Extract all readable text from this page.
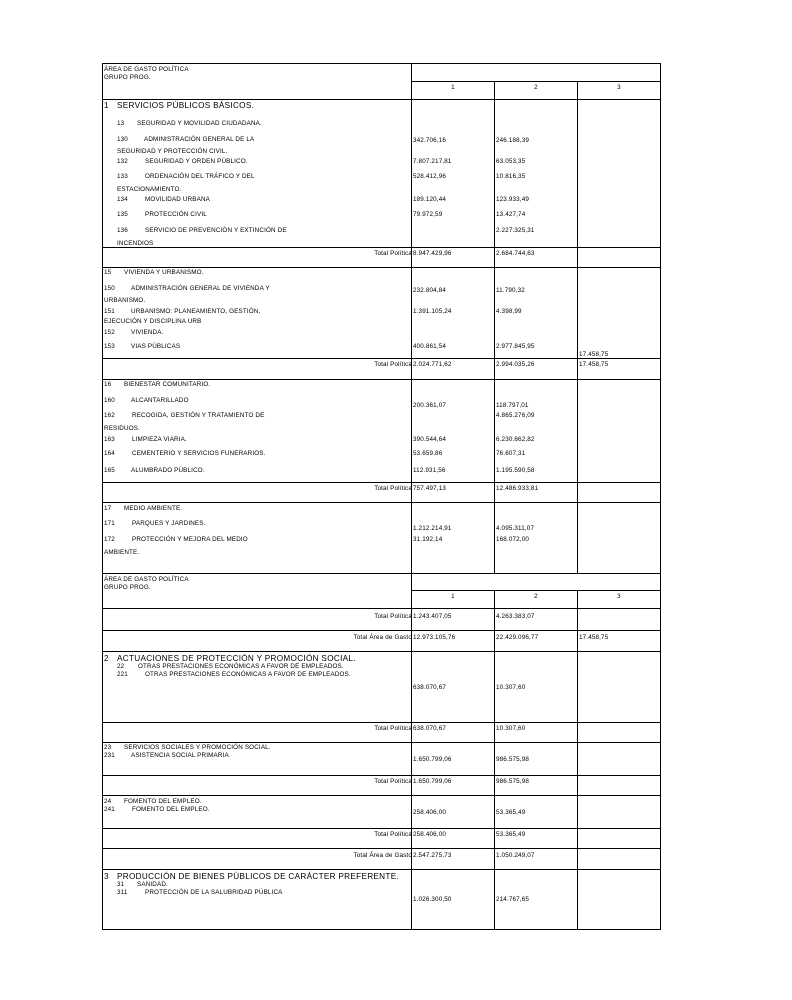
ÁREA DE GASTO POLÍTICA
GRUPO PROG.
1	2	3
1 SERVICIOS PÚBLICOS BÁSICOS.
13 SEGURIDAD Y MOVILIDAD CIUDADANA.
130	ADMINISTRACIÓN GENERAL DE LA
SEGURIDAD Y PROTECCIÓN CIVIL.
342.706,16	246.188,39
132	SEGURIDAD Y ORDEN PÚBLICO.	7.807.217,81	63.053,35
133	ORDENACIÓN DEL TRÁFICO Y DEL
ESTACIONAMIENTO.
528.412,96	10.816,35
134	MOVILIDAD URBANA	189.120,44	123.933,49
135	PROTECCIÓN CIVIL	79.972,59	13.427,74
136	SERVICIO DE PREVENCIÓN Y EXTINCIÓN DE
INCENDIOS
2.227.325,31
Total Política 8.947.429,96	2.684.744,63
15 VIVIENDA Y URBANISMO.
150	ADMINISTRACIÓN GENERAL DE VIVIENDA Y
URBANISMO.
232.804,84	11.790,32
151	URBANISMO: PLANEAMIENTO, GESTIÓN,
EJECUCIÓN Y DISCIPLINA URB
1.391.105,24	4.398,99
152	VIVIENDA.
153	VIAS PÚBLICAS	400.861,54	2.977.845,95
17.458,75
Total Política 2.024.771,62	2.994.035,26	17.458,75
16 BIENESTAR COMUNITARIO.
160	ALCANTARILLADO
200.361,07	118.797,01
162	RECOGIDA, GESTIÓN Y TRATAMIENTO DE
RESIDUOS.
4.865.276,09
163	LIMPIEZA VIARIA.	390.544,64	6.230.662,82
164	CEMENTERIO Y SERVICIOS FUNERARIOS.	53.659,86	76.607,31
165	ALUMBRADO PÚBLICO.	112.931,56	1.195.590,58
Total Política 757.497,13	12.486.933,81
17 MEDIO AMBIENTE.
171	PARQUES Y JARDINES.
1.212.214,91	4.095.311,07
172	PROTECCIÓN Y MEJORA DEL MEDIO
AMBIENTE.
31.192,14	168.072,00
ÁREA DE GASTO POLÍTICA
GRUPO PROG.
1	2	3
Total Política 1.243.407,05	4.263.383,07
Total Área de Gasto 12.973.105,76	22.429.096,77	17.458,75
2 ACTUACIONES DE PROTECCIÓN Y PROMOCIÓN SOCIAL.
22 OTRAS PRESTACIONES ECONÓMICAS A FAVOR DE EMPLEADOS.
221	OTRAS PRESTACIONES ECONÓMICAS A FAVOR DE EMPLEADOS.
638.070,67	10.307,60
Total Política 638.070,67	10.307,60
23 SERVICIOS SOCIALES Y PROMOCIÓN SOCIAL.
231	ASISTENCIA SOCIAL PRIMARIA
1.650.799,06	986.575,98
Total Política 1.650.799,06	986.575,98
24 FOMENTO DEL EMPLEO.
241	FOMENTO DEL EMPLEO.	258.406,00	53.365,49
Total Política 258.406,00	53.365,49
Total Área de Gasto 2.547.275,73	1.050.249,07
3 PRODUCCIÓN DE BIENES PÚBLICOS DE CARÁCTER PREFERENTE.
31 SANIDAD.
311	PROTECCIÓN DE LA SALUBRIDAD PÚBLICA
1.026.300,50	214.767,65
